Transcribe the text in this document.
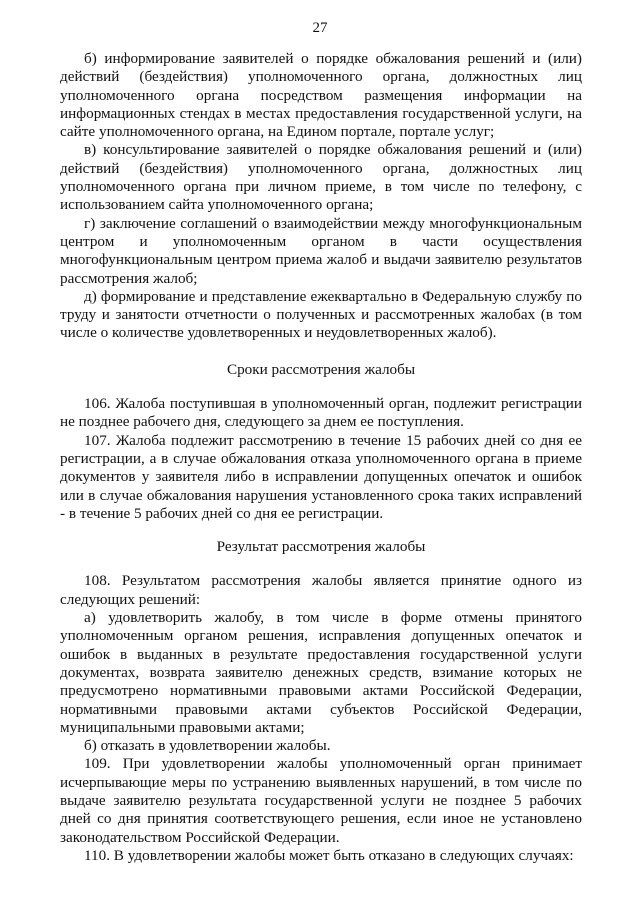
27

б) информирование заявителей о порядке обжалования решений и (или) действий (бездействия) уполномоченного органа, должностных лиц уполномоченного органа посредством размещения информации на информационных стендах в местах предоставления государственной услуги, на сайте уполномоченного органа, на Едином портале, портале услуг;

в) консультирование заявителей о порядке обжалования решений и (или) действий (бездействия) уполномоченного органа, должностных лиц уполномоченного органа при личном приеме, в том числе по телефону, с использованием сайта уполномоченного органа;

г) заключение соглашений о взаимодействии между многофункциональным центром и уполномоченным органом в части осуществления многофункциональным центром приема жалоб и выдачи заявителю результатов рассмотрения жалоб;

д) формирование и представление ежеквартально в Федеральную службу по труду и занятости отчетности о полученных и рассмотренных жалобах (в том числе о количестве удовлетворенных и неудовлетворенных жалоб).

Сроки рассмотрения жалобы

106. Жалоба поступившая в уполномоченный орган, подлежит регистрации не позднее рабочего дня, следующего за днем ее поступления.

107. Жалоба подлежит рассмотрению в течение 15 рабочих дней со дня ее регистрации, а в случае обжалования отказа уполномоченного органа в приеме документов у заявителя либо в исправлении допущенных опечаток и ошибок или в случае обжалования нарушения установленного срока таких исправлений - в течение 5 рабочих дней со дня ее регистрации.

Результат рассмотрения жалобы

108. Результатом рассмотрения жалобы является принятие одного из следующих решений:

а) удовлетворить жалобу, в том числе в форме отмены принятого уполномоченным органом решения, исправления допущенных опечаток и ошибок в выданных в результате предоставления государственной услуги документах, возврата заявителю денежных средств, взимание которых не предусмотрено нормативными правовыми актами Российской Федерации, нормативными правовыми актами субъектов Российской Федерации, муниципальными правовыми актами;

б) отказать в удовлетворении жалобы.

109. При удовлетворении жалобы уполномоченный орган принимает исчерпывающие меры по устранению выявленных нарушений, в том числе по выдаче заявителю результата государственной услуги не позднее 5 рабочих дней со дня принятия соответствующего решения, если иное не установлено законодательством Российской Федерации.

110. В удовлетворении жалобы может быть отказано в следующих случаях:
